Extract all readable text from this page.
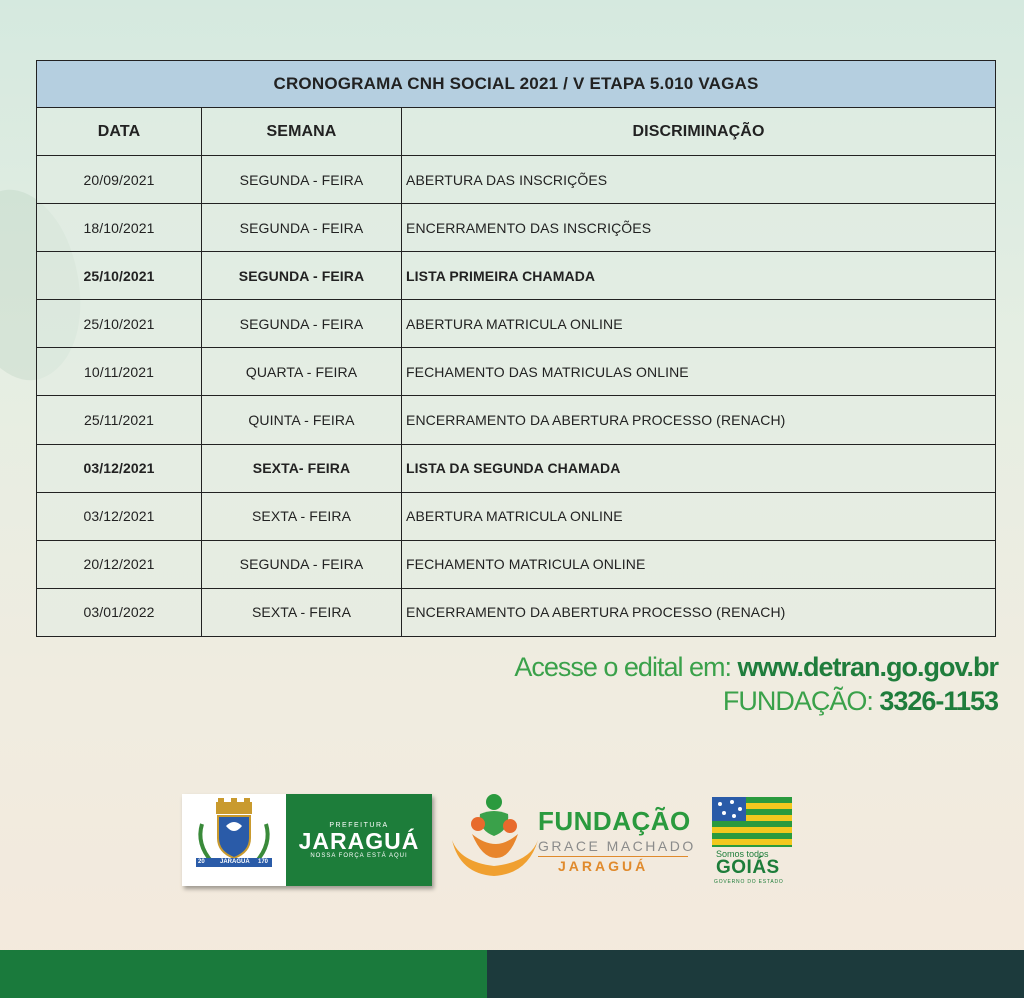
CRONOGRAMA CNH SOCIAL 2021 / V ETAPA 5.010 VAGAS		
DATA	SEMANA	DISCRIMINAÇÃO
20/09/2021	SEGUNDA - FEIRA	ABERTURA DAS INSCRIÇÕES
18/10/2021	SEGUNDA - FEIRA	ENCERRAMENTO DAS INSCRIÇÕES
25/10/2021	SEGUNDA - FEIRA	LISTA PRIMEIRA CHAMADA
25/10/2021	SEGUNDA - FEIRA	ABERTURA MATRICULA ONLINE
10/11/2021	QUARTA - FEIRA	FECHAMENTO DAS MATRICULAS ONLINE
25/11/2021	QUINTA - FEIRA	ENCERRAMENTO DA ABERTURA PROCESSO (RENACH)
03/12/2021	SEXTA- FEIRA	LISTA DA SEGUNDA CHAMADA
03/12/2021	SEXTA - FEIRA	ABERTURA MATRICULA ONLINE
20/12/2021	SEGUNDA - FEIRA	FECHAMENTO MATRICULA ONLINE
03/01/2022	SEXTA - FEIRA	ENCERRAMENTO DA ABERTURA PROCESSO (RENACH)
Acesse o edital em: www.detran.go.gov.br
FUNDAÇÃO: 3326-1153
20	JARAGUÁ 170
PREFEITURA
JARAGUÁ
NOSSA FORÇA ESTÁ AQUI
FUNDAÇÃO
GRACE MACHADO
JARAGUÁ
Somos todos
GOIÁS
GOVERNO DO ESTADO
